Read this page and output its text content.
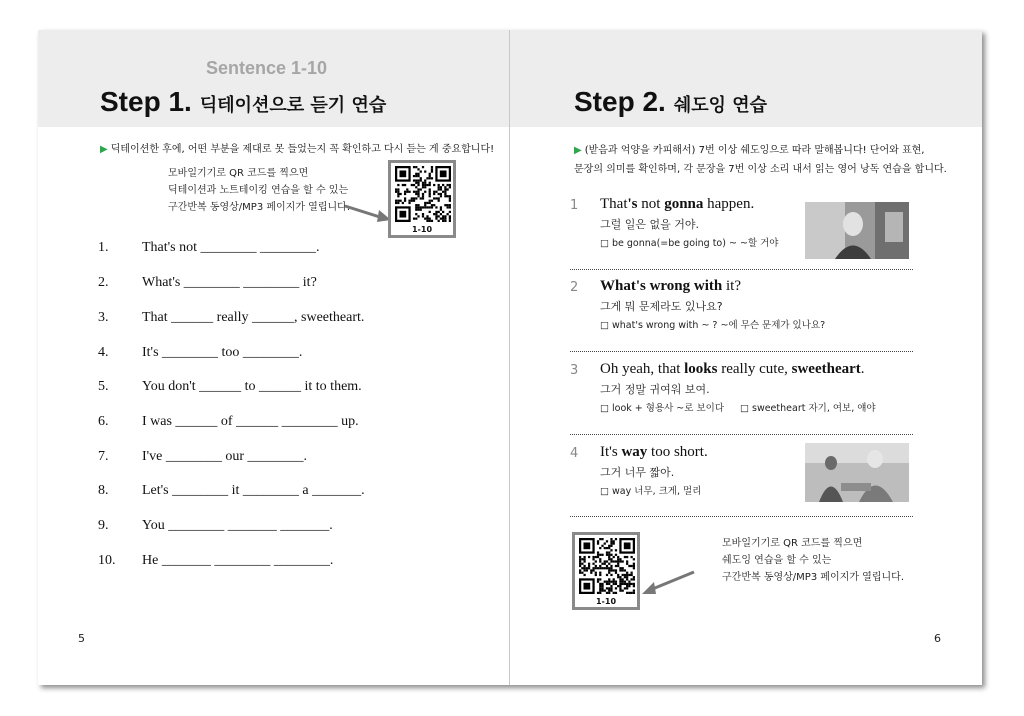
Sentence 1-10
Step 1. 딕테이션으로 듣기 연습
▶ 딕테이션한 후에, 어떤 부분을 제대로 못 들었는지 꼭 확인하고 다시 듣는 게 중요합니다!
모바일기기로 QR 코드를 찍으면
딕테이션과 노트테이킹 연습을 할 수 있는
구간반복 동영상/MP3 페이지가 열립니다.
1-10
1.	That's not ________ ________.
2.	What's ________ ________ it?
3.	That ______ really ______, sweetheart.
4.	It's ________ too ________.
5.	You don't ______ to ______ it to them.
6.	I was ______ of ______ ________ up.
7.	I've ________ our ________.
8.	Let's ________ it ________ a _______.
9.	You ________ _______ _______.
10.	He _______ ________ ________.
5
Step 2. 쉐도잉 연습
▶ (받음과 억양을 카피해서) 7번 이상 쉐도잉으로 따라 말해봅니다! 단어와 표현,
문장의 의미를 확인하며, 각 문장을 7번 이상 소리 내서 읽는 영어 낭독 연습을 합니다.
1 That's not gonna happen.
그럴 일은 없을 거야.
□ be gonna(=be going to) ~ ~할 거야
2 What's wrong with it?
그게 뭐 문제라도 있나요?
□ what's wrong with ~ ? ~에 무슨 문제가 있나요?
3 Oh yeah, that looks really cute, sweetheart.
그거 정말 귀여워 보여.
□ look + 형용사 ~로 보이다 □ sweetheart 자기, 여보, 얘야
4 It's way too short.
그거 너무 짧아.
□ way 너무, 크게, 멀리
1-10
모바일기기로 QR 코드를 찍으면
쉐도잉 연습을 할 수 있는
구간반복 동영상/MP3 페이지가 열립니다.
6
